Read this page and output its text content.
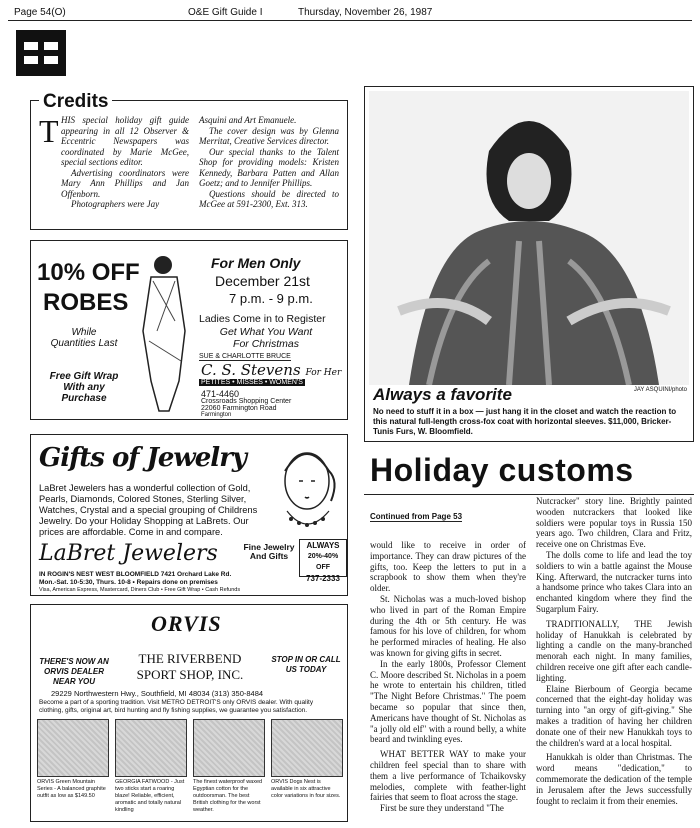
Page 54(O)	O&E Gift Guide I	Thursday, November 26, 1987
Credits
T HIS special holiday gift guide appearing in all 12 Observer & Eccentric Newspapers was coordinated by Marie McGee, special sections editor.

Advertising coordinators were Mary Ann Phillips and Jan Offenborn.

Photographers were Jay

Asquini and Art Emanuele.

The cover design was by Glenna Merritat, Creative Services director.

Our special thanks to the Talent Shop for providing models: Kristen Kennedy, Barbara Patten and Allan Goetz; and to Jennifer Phillips.

Questions should be directed to McGee at 591-2300, Ext. 313.

10% OFF
ROBES
While Quantities Last
Free Gift Wrap With any Purchase
For Men Only
December 21st
7 p.m. - 9 p.m.
Ladies Come in to Register
Get What You Want For Christmas
SUE & CHARLOTTE BRUCE
C. S. Stevens For Her
PETITES • MISSES • WOMEN'S
471-4460
Crossroads Shopping Center
22060 Farmington Road
Farmington
Gifts of Jewelry
LaBret Jewelers has a wonderful collection of Gold, Pearls, Diamonds, Colored Stones, Sterling Silver, Watches, Crystal and a special grouping of Childrens Jewelry. Do your Holiday Shopping at LaBrets. Our prices are affordable. Come in and compare.
LaBret Jewelers	Fine Jewelry And Gifts
ALWAYS
20%-40% OFF
737-2333
IN ROGIN'S NEST WEST BLOOMFIELD 7421 Orchard Lake Rd.
Mon.-Sat. 10-5:30, Thurs. 10-8 • Repairs done on premises
Visa, American Express, Mastercard, Diners Club • Free Gift Wrap • Cash Refunds
ORVIS
THERE'S NOW AN ORVIS DEALER NEAR YOU
THE RIVERBEND
SPORT SHOP, INC.
STOP IN OR CALL US TODAY
29229 Northwestern Hwy., Southfield, MI 48034 (313) 350-8484
Become a part of a sporting tradition. Visit METRO DETROIT'S only ORVIS dealer. With quality clothing, gifts, original art, bird hunting and fly fishing supplies, we guarantee you satisfaction.
ORVIS Green Mountain Series - A balanced graphite outfit as low as $149.50
GEORGIA FATWOOD - Just two sticks start a roaring blaze! Reliable, efficient, aromatic and totally natural kindling
The finest waterproof waxed Egyptian cotton for the outdoorsman. The best British clothing for the worst weather.
ORVIS Dogs Nest is available in six attractive color variations in four sizes.
JAY ASQUINI/photo
Always a favorite
No need to stuff it in a box — just hang it in the closet and watch the reaction to this natural full-length cross-fox coat with horizontal sleeves. $11,000, Bricker-Tunis Furs, W. Bloomfield.
Holiday customs
Continued from Page 53

would like to receive in order of importance. They can draw pictures of the gifts, too. Keep the letters to put in a scrapbook to show them when they're older.

St. Nicholas was a much-loved bishop who lived in part of the Roman Empire during the 4th or 5th century. He was famous for his love of children, for whom he performed miracles of healing. He also was known for giving gifts in secret.

In the early 1800s, Professor Clement C. Moore described St. Nicholas in a poem he wrote to entertain his children, titled "The Night Before Christmas." The poem became so popular that since then, Americans have thought of St. Nicholas as "a jolly old elf" with a round belly, a white beard and twinkling eyes.

WHAT BETTER WAY to make your children feel special than to share with them a live performance of Tchaikovsky melodies, complete with feather-light fairies that seem to float across the stage.

First be sure they understand "The

Nutcracker" story line. Brightly painted wooden nutcrackers that looked like soldiers were popular toys in Russia 150 years ago. Two children, Clara and Fritz, receive one on Christmas Eve.

The dolls come to life and lead the toy soldiers to win a battle against the Mouse King. Afterward, the nutcracker turns into a handsome prince who takes Clara into an enchanted kingdom where they find the Sugarplum Fairy.

TRADITIONALLY, THE Jewish holiday of Hanukkah is celebrated by lighting a candle on the many-branched menorah each night. In many families, children receive one gift after each candle-lighting.

Elaine Bierboum of Georgia became concerned that the eight-day holiday was turning into "an orgy of gift-giving." She makes a tradition of having her children donate one of their new Hanukkah toys to the children's ward at a local hospital.

Hanukkah is older than Christmas. The word means "dedication," to commemorate the dedication of the temple in Jerusalem after the Jews successfully fought to reclaim it from their enemies.
